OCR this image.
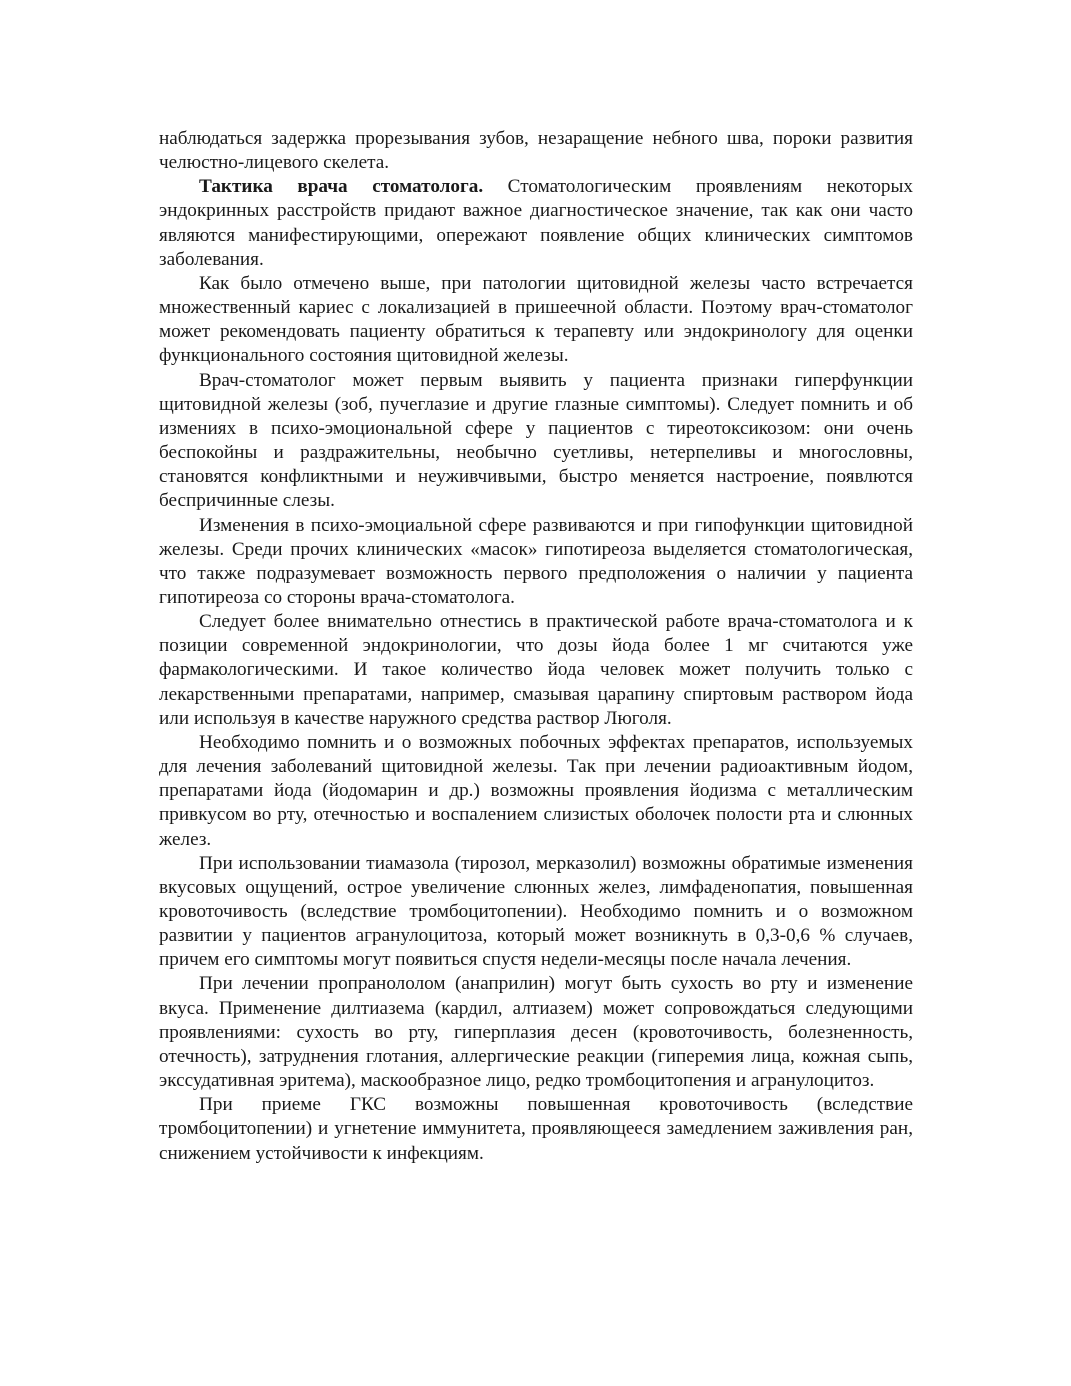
наблюдаться задержка прорезывания зубов, незаращение небного шва, пороки развития челюстно-лицевого скелета.

Тактика врача стоматолога. Стоматологическим проявлениям некоторых эндокринных расстройств придают важное диагностическое значение, так как они часто являются манифестирующими, опережают появление общих клинических симптомов заболевания.

Как было отмечено выше, при патологии щитовидной железы часто встречается множественный кариес с локализацией в пришеечной области. Поэтому врач-стоматолог может рекомендовать пациенту обратиться к терапевту или эндокринологу для оценки функционального состояния щитовидной железы.

Врач-стоматолог может первым выявить у пациента признаки гиперфункции щитовидной железы (зоб, пучеглазие и другие глазные симптомы). Следует помнить и об изменияx в психо-эмоциональной сфере у пациентов с тиреотоксикозом: они очень беспокойны и раздражительны, необычно суетливы, нетерпеливы и многословны, становятся конфликтными и неуживчивыми, быстро меняется настроение, появлются беспричинные слезы.

Изменения в психо-эмоциальной сфере развиваются и при гипофункции щитовидной железы. Среди прочих клинических «масок» гипотиреоза выделяется стоматологическая, что также подразумевает возможность первого предположения о наличии у пациента гипотиреоза со стороны врача-стоматолога.

Следует более внимательно отнестись в практической работе врача-стоматолога и к позиции современной эндокринологии, что дозы йода более 1 мг считаются уже фармакологическими. И такое количество йода человек может получить только с лекарственными препаратами, например, смазывая царапину спиртовым раствором йода или используя в качестве наружного средства раствор Люголя.

Необходимо помнить и о возможных побочных эффектах препаратов, используемых для лечения заболеваний щитовидной железы. Так при лечении радиоактивным йодом, препаратами йода (йодомарин и др.) возможны проявления йодизма с металлическим привкусом во рту, отечностью и воспалением слизистых оболочек полости рта и слюнных желез.

При использовании тиамазола (тирозол, мерказолил) возможны обратимые изменения вкусовых ощущений, острое увеличение слюнных желез, лимфаденопатия, повышенная кровоточивость (вследствие тромбоцитопении). Необходимо помнить и о возможном развитии у пациентов агранулоцитоза, который может возникнуть в 0,3-0,6 % случаев, причем его симптомы могут появиться спустя недели-месяцы после начала лечения.

При лечении пропранололом (анаприлин) могут быть сухость во рту и изменение вкуса. Применение дилтиазема (кардил, алтиазем) может сопровождаться следующими проявлениями: сухость во рту, гиперплазия десен (кровоточивость, болезненность, отечность), затруднения глотания, аллергические реакции (гиперемия лица, кожная сыпь, экссудативная эритема), маскообразное лицо, редко тромбоцитопения и агранулоцитоз.

При приеме ГКС возможны повышенная кровоточивость (вследствие тромбоцитопении) и угнетение иммунитета, проявляющееся замедлением заживления ран, снижением устойчивости к инфекциям.
